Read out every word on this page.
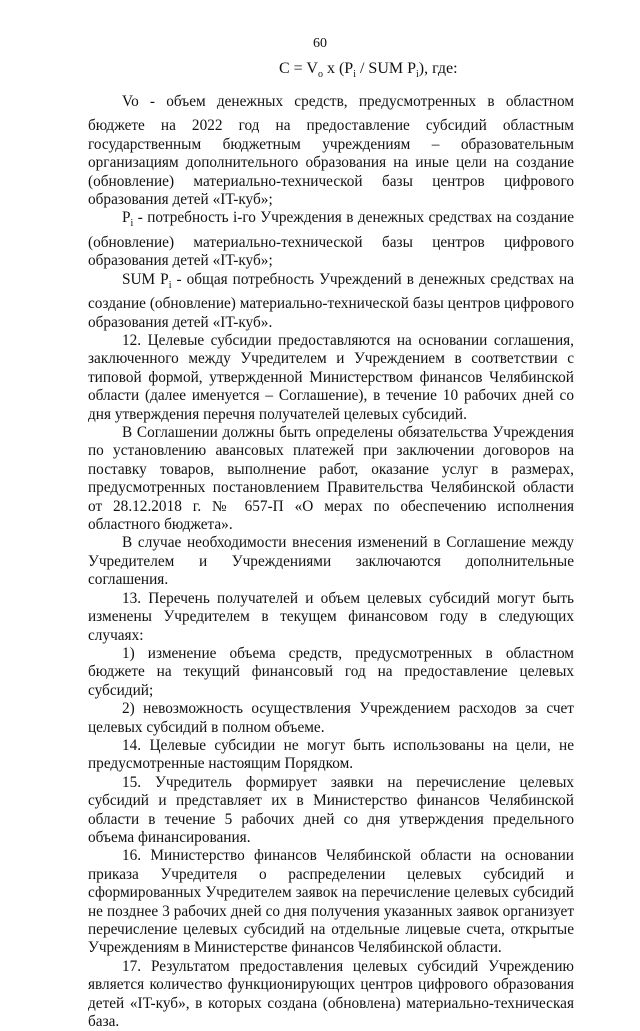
60
$C = V_o$ x ($P_i$ / SUM $P_i$), где:

Vo - объем денежных средств, предусмотренных в областном бюджете на 2022 год на предоставление субсидий областным государственным бюджетным учреждениям – образовательным организациям дополнительного образования на иные цели на создание (обновление) материально-технической базы центров цифрового образования детей «IT-куб»;

$P_i$ - потребность i-го Учреждения в денежных средствах на создание (обновление) материально-технической базы центров цифрового образования детей «IT-куб»;

SUM $P_i$ - общая потребность Учреждений в денежных средствах на создание (обновление) материально-технической базы центров цифрового образования детей «IT-куб».

12. Целевые субсидии предоставляются на основании соглашения, заключенного между Учредителем и Учреждением в соответствии с типовой формой, утвержденной Министерством финансов Челябинской области (далее именуется – Соглашение), в течение 10 рабочих дней со дня утверждения перечня получателей целевых субсидий.

В Соглашении должны быть определены обязательства Учреждения по установлению авансовых платежей при заключении договоров на поставку товаров, выполнение работ, оказание услуг в размерах, предусмотренных постановлением Правительства Челябинской области от 28.12.2018 г. № 657-П «О мерах по обеспечению исполнения областного бюджета».

В случае необходимости внесения изменений в Соглашение между Учредителем и Учреждениями заключаются дополнительные соглашения.

13. Перечень получателей и объем целевых субсидий могут быть изменены Учредителем в текущем финансовом году в следующих случаях:

1) изменение объема средств, предусмотренных в областном бюджете на текущий финансовый год на предоставление целевых субсидий;

2) невозможность осуществления Учреждением расходов за счет целевых субсидий в полном объеме.

14. Целевые субсидии не могут быть использованы на цели, не предусмотренные настоящим Порядком.

15. Учредитель формирует заявки на перечисление целевых субсидий и представляет их в Министерство финансов Челябинской области в течение 5 рабочих дней со дня утверждения предельного объема финансирования.

16. Министерство финансов Челябинской области на основании приказа Учредителя о распределении целевых субсидий и сформированных Учредителем заявок на перечисление целевых субсидий не позднее 3 рабочих дней со дня получения указанных заявок организует перечисление целевых субсидий на отдельные лицевые счета, открытые Учреждениям в Министерстве финансов Челябинской области.

17. Результатом предоставления целевых субсидий Учреждению является количество функционирующих центров цифрового образования детей «IT-куб», в которых создана (обновлена) материально-техническая база.
